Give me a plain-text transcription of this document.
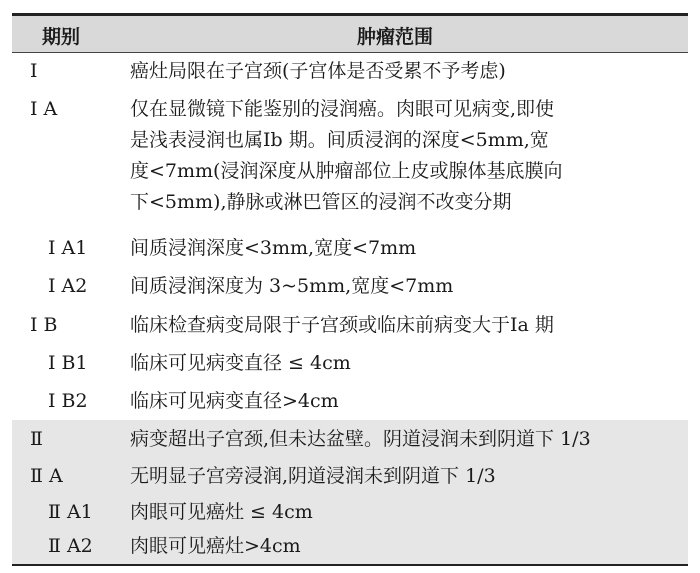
期别	肿瘤范围
Ⅰ	癌灶局限在子宫颈(子宫体是否受累不予考虑)
Ⅰ A	仅在显微镜下能鉴别的浸润癌。肉眼可见病变,即使
是浅表浸润也属Ⅰb 期。间质浸润的深度<5mm,宽
度<7mm(浸润深度从肿瘤部位上皮或腺体基底膜向
下<5mm),静脉或淋巴管区的浸润不改变分期
Ⅰ A1 间质浸润深度<3mm,宽度<7mm
Ⅰ A2 间质浸润深度为 3~5mm,宽度<7mm
Ⅰ B	临床检查病变局限于子宫颈或临床前病变大于Ⅰa 期
Ⅰ B1 临床可见病变直径 ≤ 4cm
Ⅰ B2 临床可见病变直径>4cm
Ⅱ	病变超出子宫颈,但未达盆壁。阴道浸润未到阴道下 1/3
Ⅱ A	无明显子宫旁浸润,阴道浸润未到阴道下 1/3
Ⅱ A1 肉眼可见癌灶 ≤ 4cm
Ⅱ A2 肉眼可见癌灶>4cm
